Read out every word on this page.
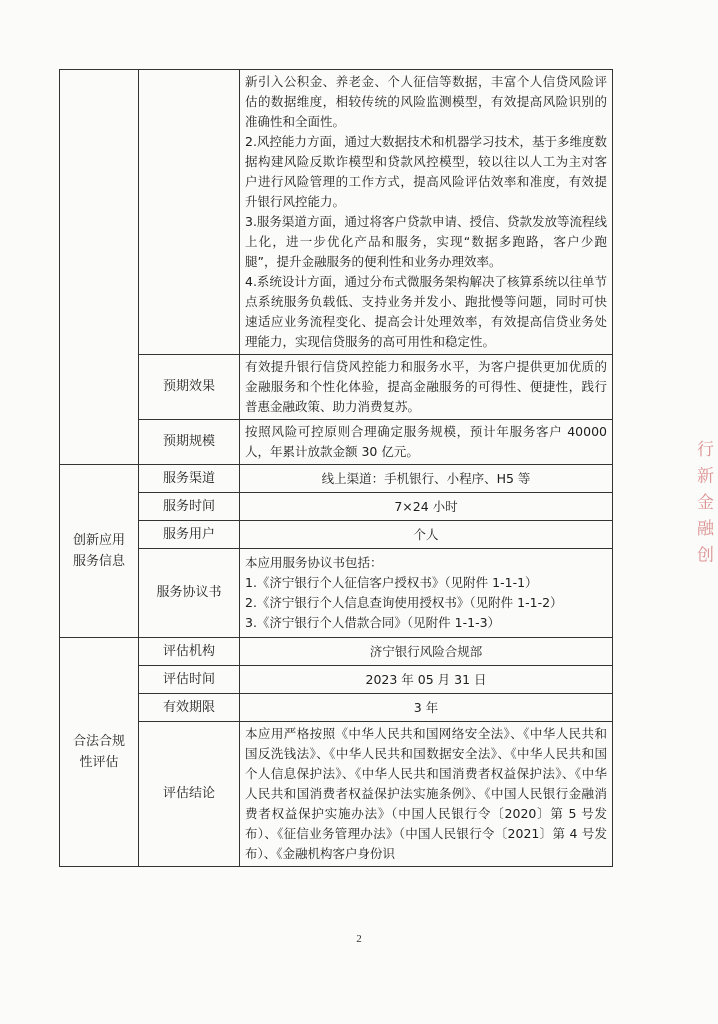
		新引入公积金、养老金、个人征信等数据，丰富个人信贷风险评估的数据维度，相较传统的风险监测模型，有效提高风险识别的准确性和全面性。

2.风控能力方面，通过大数据技术和机器学习技术，基于多维度数据构建风险反欺诈模型和贷款风控模型，较以往以人工为主对客户进行风险管理的工作方式，提高风险评估效率和准度，有效提升银行风控能力。

3.服务渠道方面，通过将客户贷款申请、授信、贷款发放等流程线上化，进一步优化产品和服务，实现“数据多跑路，客户少跑腿”，提升金融服务的便利性和业务办理效率。

4.系统设计方面，通过分布式微服务架构解决了核算系统以往单节点系统服务负载低、支持业务并发小、跑批慢等问题，同时可快速适应业务流程变化、提高会计处理效率，有效提高信贷业务处理能力，实现信贷服务的高可用性和稳定性。

	预期效果	有效提升银行信贷风控能力和服务水平，为客户提供更加优质的金融服务和个性化体验，提高金融服务的可得性、便捷性，践行普惠金融政策、助力消费复苏。

	预期规模	按照风险可控原则合理确定服务规模，预计年服务客户 40000 人，年累计放款金额 30 亿元。

创新应用服务信息	服务渠道	线上渠道：手机银行、小程序、H5 等
	服务时间	7×24 小时
	服务用户	个人
	服务协议书	本应用服务协议书包括：
1.《济宁银行个人征信客户授权书》（见附件 1-1-1）
2.《济宁银行个人信息查询使用授权书》（见附件 1-1-2）
3.《济宁银行个人借款合同》（见附件 1-1-3）

合法合规性评估	评估机构	济宁银行风险合规部
	评估时间	2023 年 05 月 31 日
	有效期限	3 年
	评估结论	本应用严格按照《中华人民共和国网络安全法》、《中华人民共和国反洗钱法》、《中华人民共和国数据安全法》、《中华人民共和国个人信息保护法》、《中华人民共和国消费者权益保护法》、《中华人民共和国消费者权益保护法实施条例》、《中国人民银行金融消费者权益保护实施办法》（中国人民银行令〔2020〕第 5 号发布）、《征信业务管理办法》（中国人民银行令〔2021〕第 4 号发布）、《金融机构客户身份识

2
行 新 金 融 创
